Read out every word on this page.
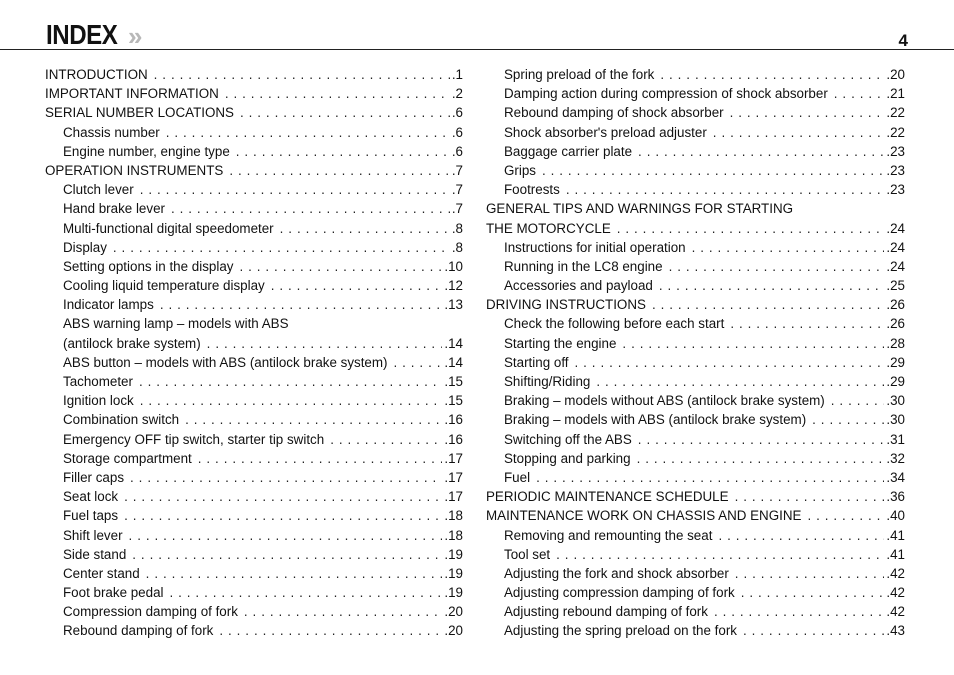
INDEX »	4
INTRODUCTION . . .	.1
IMPORTANT INFORMATION . . .	.2
SERIAL NUMBER LOCATIONS . . .	.6
Chassis number . . .	.6
Engine number, engine type . . .	.6
OPERATION INSTRUMENTS . . .	.7
Clutch lever . . .	.7
Hand brake lever . . .	.7
Multi-functional digital speedometer . . .	.8
Display . . .	.8
Setting options in the display . . .	.10
Cooling liquid temperature display . . .	.12
Indicator lamps . . .	.13
ABS warning lamp – models with ABS
(antilock brake system) . . .	.14
ABS button – models with ABS (antilock brake system) . . .	.14
Tachometer . . .	.15
Ignition lock . . .	.15
Combination switch . . .	.16
Emergency OFF tip switch, starter tip switch . . .	.16
Storage compartment . . .	.17
Filler caps . . .	.17
Seat lock . . .	.17
Fuel taps . . .	.18
Shift lever . . .	.18
Side stand . . .	.19
Center stand . . .	.19
Foot brake pedal . . .	.19
Compression damping of fork . . .	.20
Rebound damping of fork . . .	.20
Spring preload of the fork . . .	.20
Damping action during compression of shock absorber . . .	.21
Rebound damping of shock absorber . . .	.22
Shock absorber's preload adjuster . . .	.22
Baggage carrier plate . . .	.23
Grips . . .	.23
Footrests . . .	.23
GENERAL TIPS AND WARNINGS FOR STARTING
THE MOTORCYCLE . . .	.24
Instructions for initial operation . . .	.24
Running in the LC8 engine . . .	.24
Accessories and payload . . .	.25
DRIVING INSTRUCTIONS . . .	.26
Check the following before each start . . .	.26
Starting the engine . . .	.28
Starting off . . .	.29
Shifting/Riding . . .	.29
Braking – models without ABS (antilock brake system) . . .	.30
Braking – models with ABS (antilock brake system) . . .	.30
Switching off the ABS . . .	.31
Stopping and parking . . .	.32
Fuel . . .	.34
PERIODIC MAINTENANCE SCHEDULE . . .	.36
MAINTENANCE WORK ON CHASSIS AND ENGINE . . .	.40
Removing and remounting the seat . . .	.41
Tool set . . .	.41
Adjusting the fork and shock absorber . . .	.42
Adjusting compression damping of fork . . .	.42
Adjusting rebound damping of fork . . .	.42
Adjusting the spring preload on the fork . . .	.43
